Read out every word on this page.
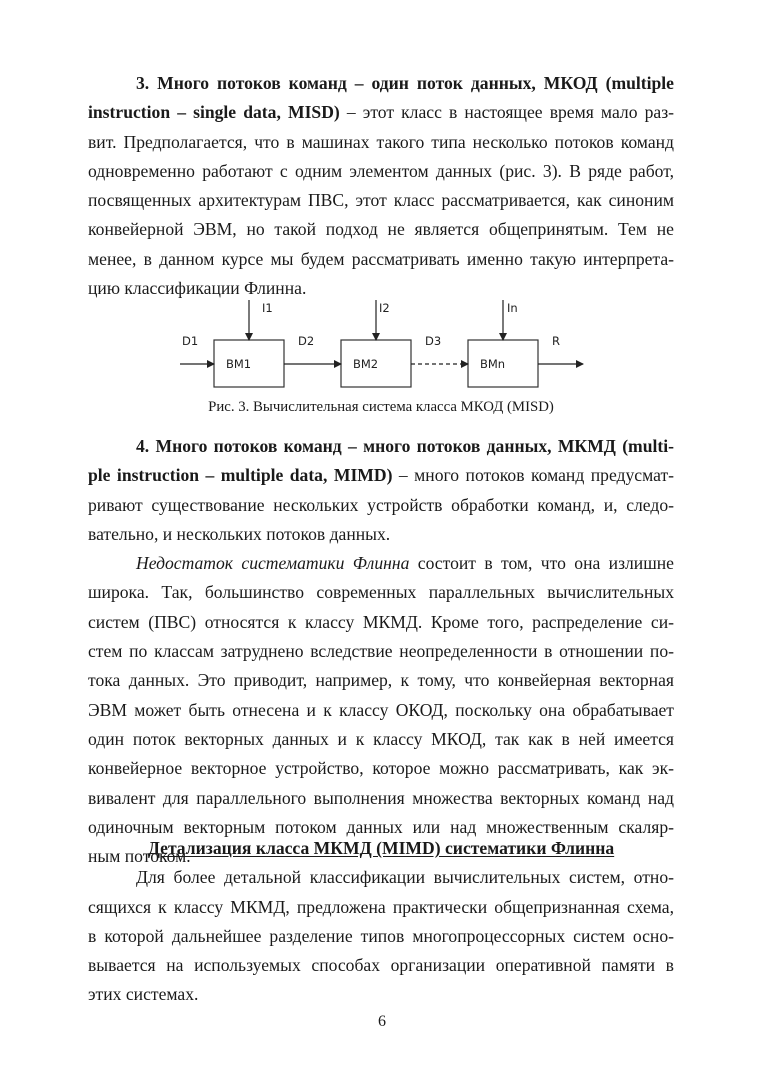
3. Много потоков команд – один поток данных, МКОД (multiple
instruction – single data, MISD) – этот класс в настоящее время мало раз-
вит. Предполагается, что в машинах такого типа несколько потоков команд
одновременно работают с одним элементом данных (рис. 3). В ряде работ,
посвященных архитектурам ПВС, этот класс рассматривается, как синоним
конвейерной ЭВМ, но такой подход не является общепринятым. Тем не
менее, в данном курсе мы будем рассматривать именно такую интерпрета-
цию классификации Флинна.
D1	D2	D3	R
I1	I2	In
ВМ1	ВМ2	ВМn
Рис. 3. Вычислительная система класса МКОД (MISD)
4. Много потоков команд – много потоков данных, МКМД (multi-
ple instruction – multiple data, MIMD) – много потоков команд предусмат-
ривают существование нескольких устройств обработки команд, и, следо-
вательно, и нескольких потоков данных.
Недостаток систематики Флинна состоит в том, что она излишне
широка. Так, большинство современных параллельных вычислительных
систем (ПВС) относятся к классу МКМД. Кроме того, распределение си-
стем по классам затруднено вследствие неопределенности в отношении по-
тока данных. Это приводит, например, к тому, что конвейерная векторная
ЭВМ может быть отнесена и к классу ОКОД, поскольку она обрабатывает
один поток векторных данных и к классу МКОД, так как в ней имеется
конвейерное векторное устройство, которое можно рассматривать, как эк-
вивалент для параллельного выполнения множества векторных команд над
одиночным векторным потоком данных или над множественным скаляр-
ным потоком.
Детализация класса МКМД (MIMD) систематики Флинна
Для более детальной классификации вычислительных систем, отно-
сящихся к классу МКМД, предложена практически общепризнанная схема,
в которой дальнейшее разделение типов многопроцессорных систем осно-
вывается на используемых способах организации оперативной памяти в
этих системах.
6
